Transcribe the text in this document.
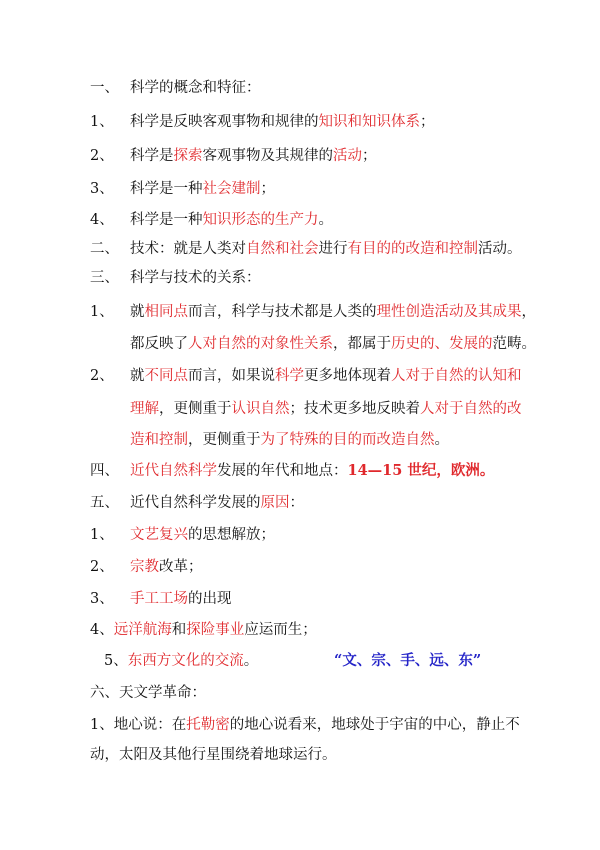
一、 科学的概念和特征：
1、 科学是反映客观事物和规律的知识和知识体系；
2、 科学是探索客观事物及其规律的活动；
3、 科学是一种社会建制；
4、 科学是一种知识形态的生产力。
二、 技术：就是人类对自然和社会进行有目的的改造和控制活动。
三、 科学与技术的关系：
1、 就相同点而言，科学与技术都是人类的理性创造活动及其成果，
都反映了人对自然的对象性关系，都属于历史的、发展的范畴。
2、 就不同点而言，如果说科学更多地体现着人对于自然的认知和
理解，更侧重于认识自然；技术更多地反映着人对于自然的改
造和控制，更侧重于为了特殊的目的而改造自然。
四、 近代自然科学发展的年代和地点：14—15 世纪，欧洲。
五、 近代自然科学发展的原因：
1、 文艺复兴的思想解放；
2、 宗教改革；
3、 手工工场的出现
4、远洋航海和探险事业应运而生；
5、东西方文化的交流。	“文、宗、手、远、东”
六、天文学革命：
1、地心说：在托勒密的地心说看来，地球处于宇宙的中心，静止不
动，太阳及其他行星围绕着地球运行。
